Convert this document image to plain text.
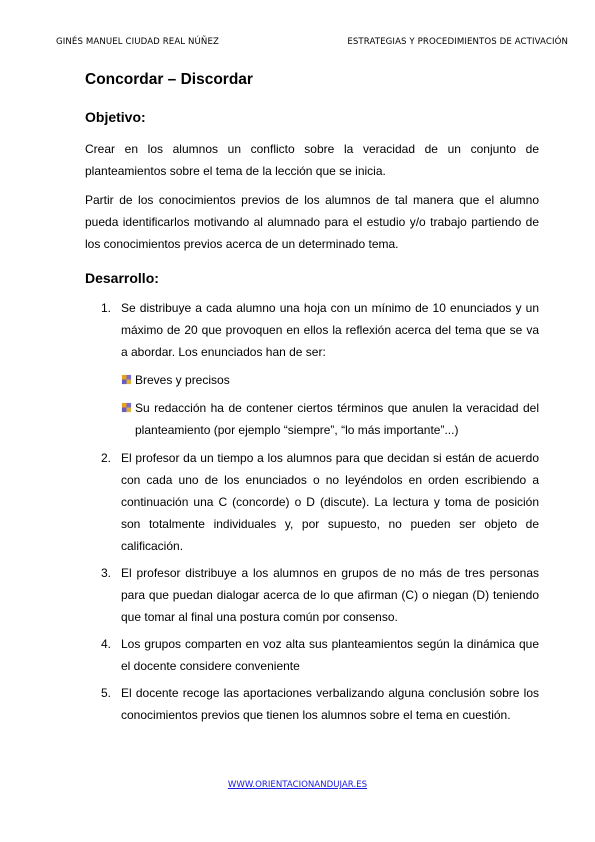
GINÉS MANUEL CIUDAD REAL NÚÑEZ	ESTRATEGIAS Y PROCEDIMIENTOS DE ACTIVACIÓN
Concordar – Discordar
Objetivo:

Crear en los alumnos un conflicto sobre la veracidad de un conjunto de planteamientos sobre el tema de la lección que se inicia.

Partir de los conocimientos previos de los alumnos de tal manera que el alumno pueda identificarlos motivando al alumnado para el estudio y/o trabajo partiendo de los conocimientos previos acerca de un determinado tema.

Desarrollo:
1. Se distribuye a cada alumno una hoja con un mínimo de 10 enunciados y un máximo de 20 que provoquen en ellos la reflexión acerca del tema que se va a abordar. Los enunciados han de ser:
Breves y precisos
Su redacción ha de contener ciertos términos que anulen la veracidad del planteamiento (por ejemplo “siempre”, “lo más importante”...)
2. El profesor da un tiempo a los alumnos para que decidan si están de acuerdo con cada uno de los enunciados o no leyéndolos en orden escribiendo a continuación una C (concorde) o D (discute). La lectura y toma de posición son totalmente individuales y, por supuesto, no pueden ser objeto de calificación.
3. El profesor distribuye a los alumnos en grupos de no más de tres personas para que puedan dialogar acerca de lo que afirman (C) o niegan (D) teniendo que tomar al final una postura común por consenso.
4. Los grupos comparten en voz alta sus planteamientos según la dinámica que el docente considere conveniente
5. El docente recoge las aportaciones verbalizando alguna conclusión sobre los conocimientos previos que tienen los alumnos sobre el tema en cuestión.
WWW.ORIENTACIONANDUJAR.ES
